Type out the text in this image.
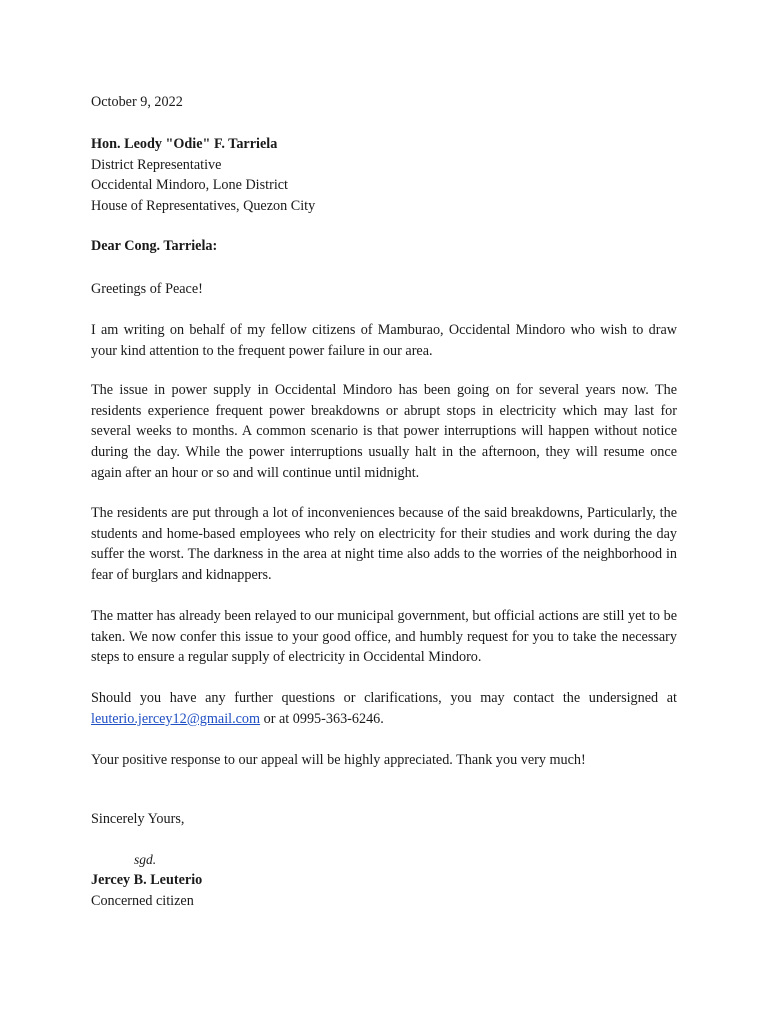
October 9, 2022
Hon. Leody "Odie" F. Tarriela
District Representative
Occidental Mindoro, Lone District
House of Representatives, Quezon City
Dear Cong. Tarriela:

Greetings of Peace!

I am writing on behalf of my fellow citizens of Mamburao, Occidental Mindoro who wish to draw your kind attention to the frequent power failure in our area.

The issue in power supply in Occidental Mindoro has been going on for several years now. The residents experience frequent power breakdowns or abrupt stops in electricity which may last for several weeks to months. A common scenario is that power interruptions will happen without notice during the day. While the power interruptions usually halt in the afternoon, they will resume once again after an hour or so and will continue until midnight.

The residents are put through a lot of inconveniences because of the said breakdowns, Particularly, the students and home-based employees who rely on electricity for their studies and work during the day suffer the worst. The darkness in the area at night time also adds to the worries of the neighborhood in fear of burglars and kidnappers.

The matter has already been relayed to our municipal government, but official actions are still yet to be taken. We now confer this issue to your good office, and humbly request for you to take the necessary steps to ensure a regular supply of electricity in Occidental Mindoro.

Should you have any further questions or clarifications, you may contact the undersigned at leuterio.jercey12@gmail.com or at 0995-363-6246.

Your positive response to our appeal will be highly appreciated. Thank you very much!

Sincerely Yours,
sgd.
Jercey B. Leuterio
Concerned citizen
